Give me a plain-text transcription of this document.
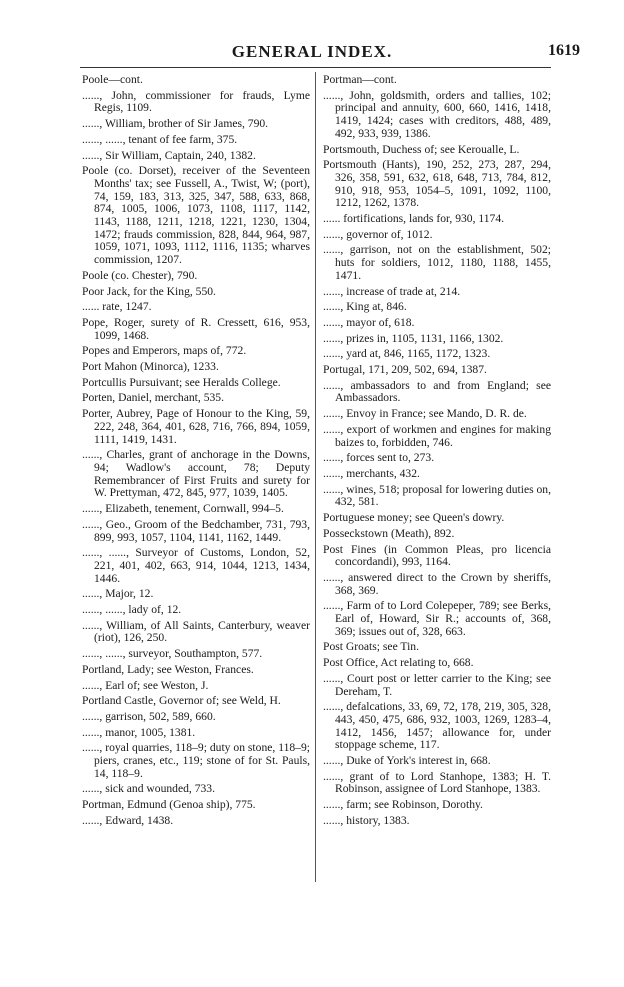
GENERAL INDEX.	1619
Poole—cont.
......, John, commissioner for frauds, Lyme Regis, 1109.
......, William, brother of Sir James, 790.
......, ......, tenant of fee farm, 375.
......, Sir William, Captain, 240, 1382.
Poole (co. Dorset), receiver of the Seventeen Months' tax; see Fussell, A., Twist, W; (port), 74, 159, 183, 313, 325, 347, 588, 633, 868, 874, 1005, 1006, 1073, 1108, 1117, 1142, 1143, 1188, 1211, 1218, 1221, 1230, 1304, 1472; frauds commission, 828, 844, 964, 987, 1059, 1071, 1093, 1112, 1116, 1135; wharves commission, 1207.
Poole (co. Chester), 790.
Poor Jack, for the King, 550.
...... rate, 1247.
Pope, Roger, surety of R. Cressett, 616, 953, 1099, 1468.
Popes and Emperors, maps of, 772.
Port Mahon (Minorca), 1233.
Portcullis Pursuivant; see Heralds College.
Porten, Daniel, merchant, 535.
Porter, Aubrey, Page of Honour to the King, 59, 222, 248, 364, 401, 628, 716, 766, 894, 1059, 1111, 1419, 1431.
......, Charles, grant of anchorage in the Downs, 94; Wadlow's account, 78; Deputy Remembrancer of First Fruits and surety for W. Prettyman, 472, 845, 977, 1039, 1405.
......, Elizabeth, tenement, Cornwall, 994–5.
......, Geo., Groom of the Bedchamber, 731, 793, 899, 993, 1057, 1104, 1141, 1162, 1449.
......, ......, Surveyor of Customs, London, 52, 221, 401, 402, 663, 914, 1044, 1213, 1434, 1446.
......, Major, 12.
......, ......, lady of, 12.
......, William, of All Saints, Canterbury, weaver (riot), 126, 250.
......, ......, surveyor, Southampton, 577.
Portland, Lady; see Weston, Frances.
......, Earl of; see Weston, J.
Portland Castle, Governor of; see Weld, H.
......, garrison, 502, 589, 660.
......, manor, 1005, 1381.
......, royal quarries, 118–9; duty on stone, 118–9; piers, cranes, etc., 119; stone of for St. Pauls, 14, 118–9.
......, sick and wounded, 733.
Portman, Edmund (Genoa ship), 775.
......, Edward, 1438.
Portman—cont.
......, John, goldsmith, orders and tallies, 102; principal and annuity, 600, 660, 1416, 1418, 1419, 1424; cases with creditors, 488, 489, 492, 933, 939, 1386.
Portsmouth, Duchess of; see Keroualle, L.
Portsmouth (Hants), 190, 252, 273, 287, 294, 326, 358, 591, 632, 618, 648, 713, 784, 812, 910, 918, 953, 1054–5, 1091, 1092, 1100, 1212, 1262, 1378.
...... fortifications, lands for, 930, 1174.
......, governor of, 1012.
......, garrison, not on the establishment, 502; huts for soldiers, 1012, 1180, 1188, 1455, 1471.
......, increase of trade at, 214.
......, King at, 846.
......, mayor of, 618.
......, prizes in, 1105, 1131, 1166, 1302.
......, yard at, 846, 1165, 1172, 1323.
Portugal, 171, 209, 502, 694, 1387.
......, ambassadors to and from England; see Ambassadors.
......, Envoy in France; see Mando, D. R. de.
......, export of workmen and engines for making baizes to, forbidden, 746.
......, forces sent to, 273.
......, merchants, 432.
......, wines, 518; proposal for lowering duties on, 432, 581.
Portuguese money; see Queen's dowry.
Posseckstown (Meath), 892.
Post Fines (in Common Pleas, pro licencia concordandi), 993, 1164.
......, answered direct to the Crown by sheriffs, 368, 369.
......, Farm of to Lord Colepeper, 789; see Berks, Earl of, Howard, Sir R.; accounts of, 368, 369; issues out of, 328, 663.
Post Groats; see Tin.
Post Office, Act relating to, 668.
......, Court post or letter carrier to the King; see Dereham, T.
......, defalcations, 33, 69, 72, 178, 219, 305, 328, 443, 450, 475, 686, 932, 1003, 1269, 1283–4, 1412, 1456, 1457; allowance for, under stoppage scheme, 117.
......, Duke of York's interest in, 668.
......, grant of to Lord Stanhope, 1383; H. T. Robinson, assignee of Lord Stanhope, 1383.
......, farm; see Robinson, Dorothy.
......, history, 1383.
